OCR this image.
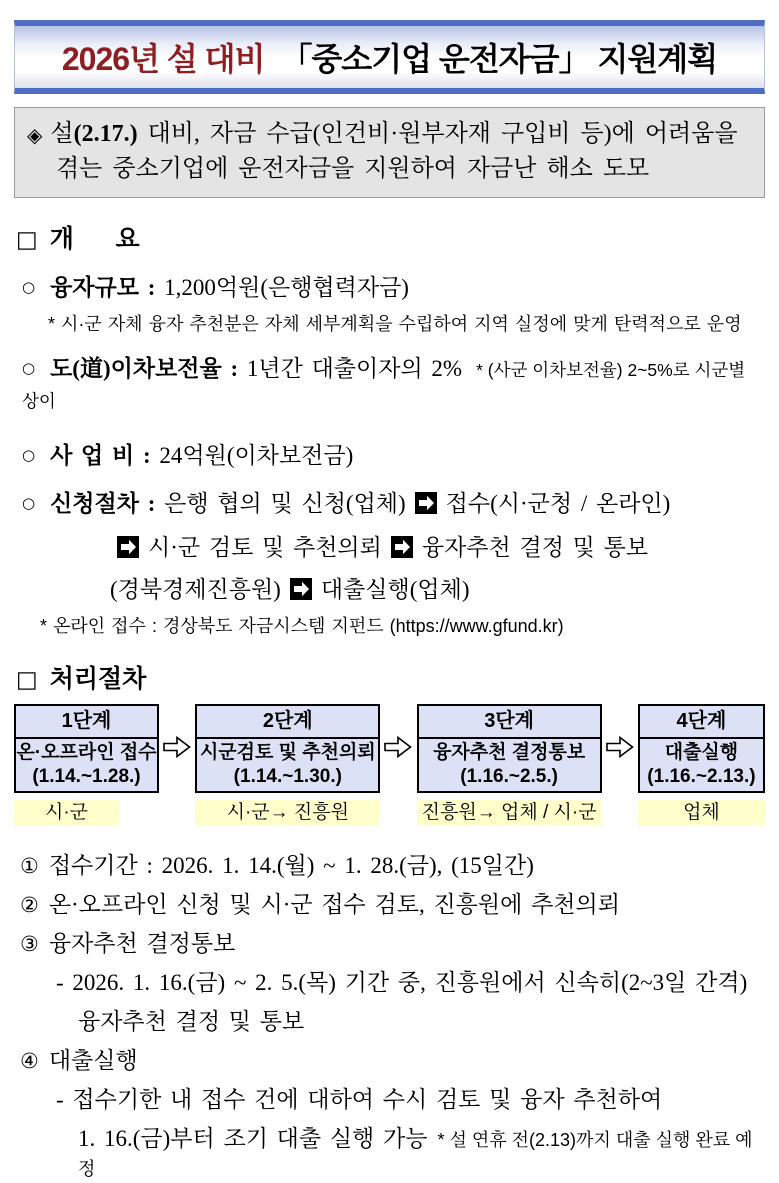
2026년 설 대비 「중소기업 운전자금」 지원계획
◈ 설(2.17.) 대비, 자금 수급(인건비·원부자재 구입비 등)에 어려움을
겪는 중소기업에 운전자금을 지원하여 자금난 해소 도모
□ 개      요
○ 융자규모 : 1,200억원(은행협력자금)
* 시·군 자체 융자 추천분은 자체 세부계획을 수립하여 지역 실정에 맞게 탄력적으로 운영
○ 도(道)이차보전율 : 1년간 대출이자의 2% * (사군 이차보전율) 2~5%로 시군별 상이
○ 사 업 비 : 24억원(이차보전금)
○ 신청절차 : 은행 협의 및 신청(업체) 접수(시·군청 / 온라인)
시·군 검토 및 추천의뢰 융자추천 결정 및 통보
(경북경제진흥원) 대출실행(업체)
* 온라인 접수 : 경상북도 자금시스템 지펀드 (https://www.gfund.kr)
□ 처리절차
1단계
온·오프라인 접수
(1.14.~1.28.)
시·군
2단계
시군검토 및 추천의뢰
(1.14.~1.30.)
시·군→ 진흥원
3단계
융자추천 결정통보
(1.16.~2.5.)
진흥원→ 업체 / 시·군
4단계
대출실행
(1.16.~2.13.)
업체
① 접수기간 : 2026. 1. 14.(월) ~ 1. 28.(금), (15일간)
② 온·오프라인 신청 및 시·군 접수 검토, 진흥원에 추천의뢰
③ 융자추천 결정통보
- 2026. 1. 16.(금) ~ 2. 5.(목) 기간 중, 진흥원에서 신속히(2~3일 간격)
융자추천 결정 및 통보
④ 대출실행
- 접수기한 내 접수 건에 대하여 수시 검토 및 융자 추천하여
1. 16.(금)부터 조기 대출 실행 가능 * 설 연휴 전(2.13)까지 대출 실행 완료 예정
